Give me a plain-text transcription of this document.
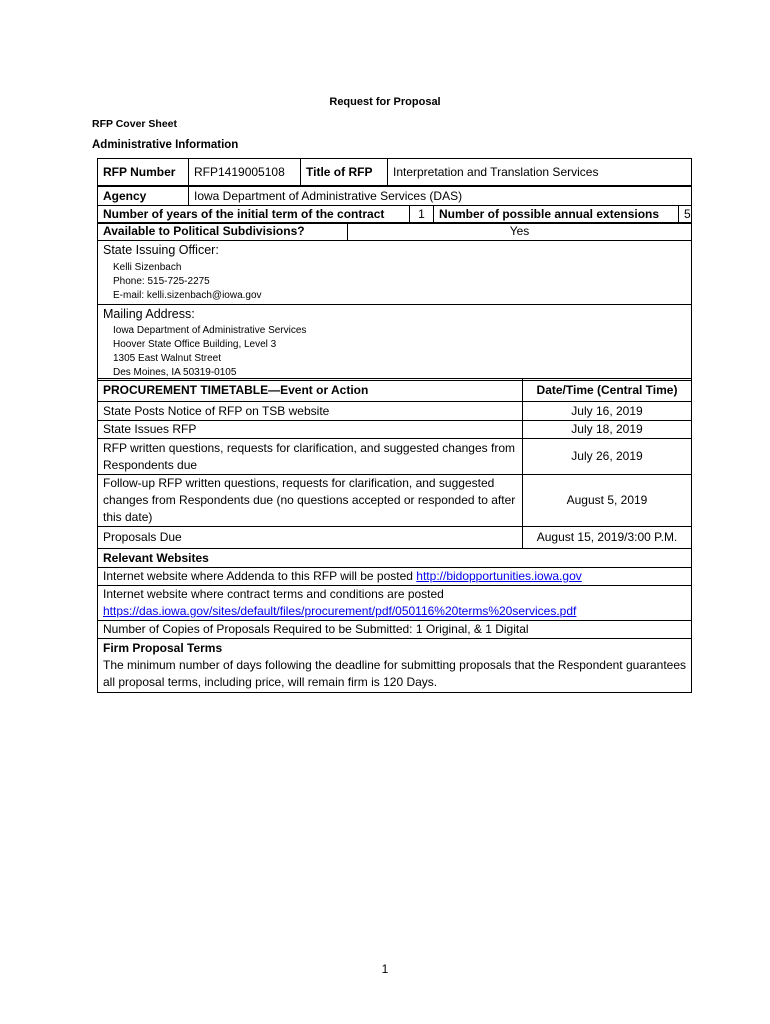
Request for Proposal
RFP Cover Sheet
Administrative Information
RFP Number	RFP1419005108	Title of RFP	Interpretation and Translation Services
Agency	Iowa Department of Administrative Services (DAS)
Number of years of the initial term of the contract	1	Number of possible annual extensions	5
Available to Political Subdivisions?	Yes
State Issuing Officer:
Kelli Sizenbach
Phone: 515-725-2275
E-mail: kelli.sizenbach@iowa.gov

Mailing Address:
Iowa Department of Administrative Services
Hoover State Office Building, Level 3
1305 East Walnut Street
Des Moines, IA 50319-0105
PROCUREMENT TIMETABLE—Event or Action	Date/Time (Central Time)
State Posts Notice of RFP on TSB website	July 16, 2019
State Issues RFP	July 18, 2019
RFP written questions, requests for clarification, and suggested changes from Respondents due	July 26, 2019
Follow-up RFP written questions, requests for clarification, and suggested changes from Respondents due (no questions accepted or responded to after this date)	August 5, 2019
Proposals Due	August 15, 2019/3:00 P.M.
Relevant Websites
Internet website where Addenda to this RFP will be posted http://bidopportunities.iowa.gov

Internet website where contract terms and conditions are posted
https://das.iowa.gov/sites/default/files/procurement/pdf/050116%20terms%20services.pdf

Number of Copies of Proposals Required to be Submitted: 1 Original, & 1 Digital

Firm Proposal Terms
The minimum number of days following the deadline for submitting proposals that the Respondent guarantees all proposal terms, including price, will remain firm is 120 Days.
1
